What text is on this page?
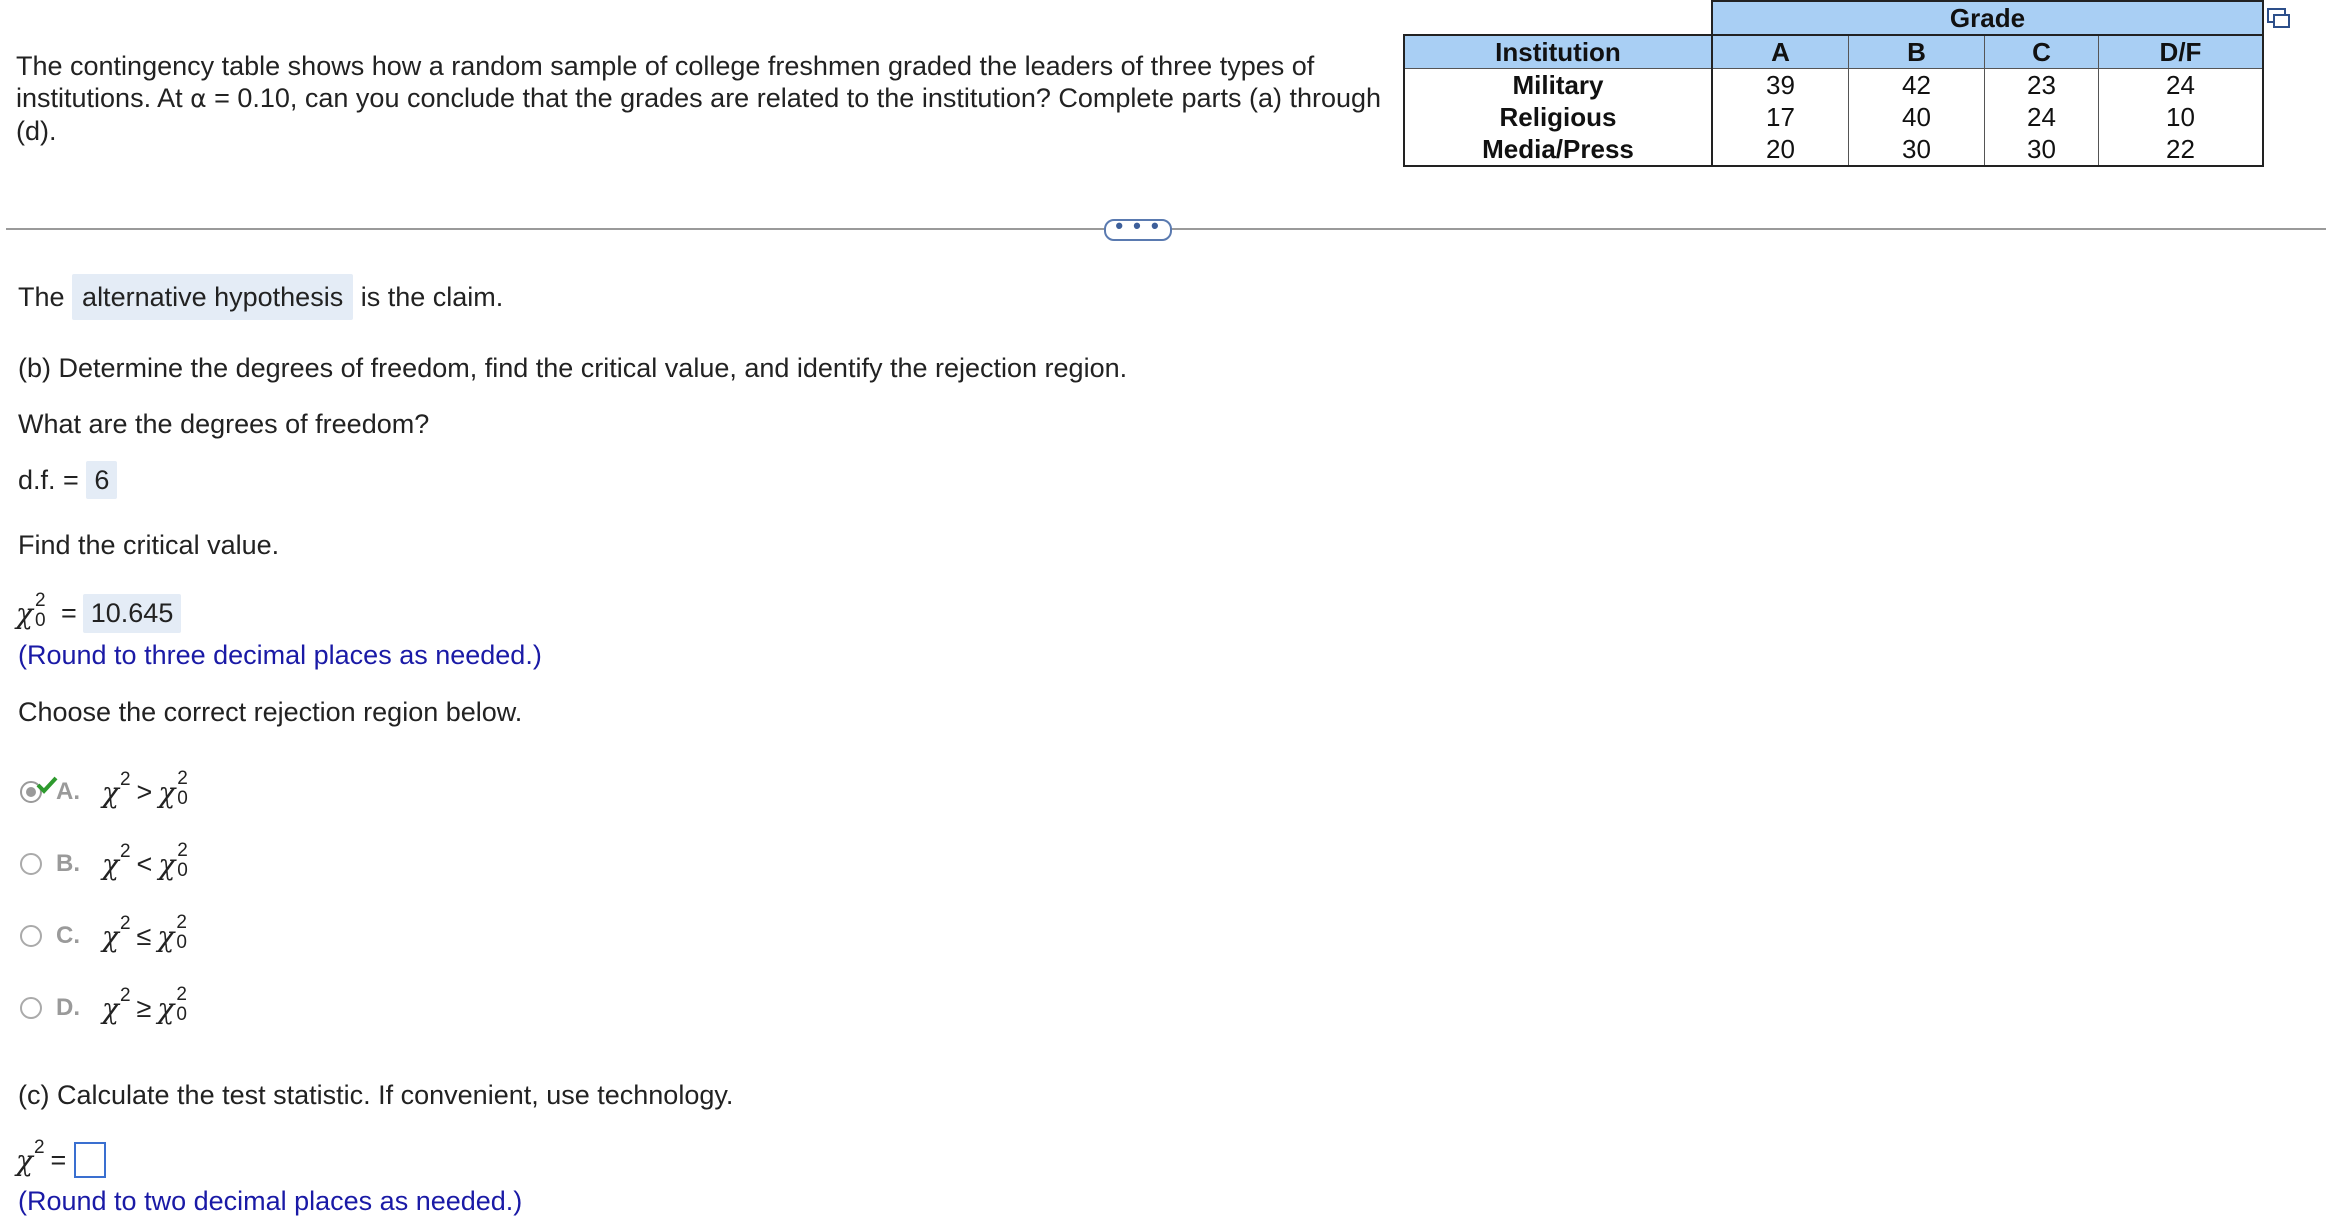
The contingency table shows how a random sample of college freshmen graded the leaders of three types of
institutions. At α = 0.10, can you conclude that the grades are related to the institution? Complete parts (a) through (d).
	Grade			
Institution	A	B	C	D/F
Military	39	42	23	24
Religious	17	40	24	10
Media/Press	20	30	30	22
• • •
The alternative hypothesis is the claim.
(b) Determine the degrees of freedom, find the critical value, and identify the rejection region.
What are the degrees of freedom?
d.f. = 6
Find the critical value.
χ 2
0 = 10.645
(Round to three decimal places as needed.)
Choose the correct rejection region below.
A. χ 2 > χ 2
0
B. χ 2 < χ 2
0
C. χ 2 ≤ χ 2
0
D. χ 2 ≥ χ 2
0
(c) Calculate the test statistic. If convenient, use technology.
χ 2 =
(Round to two decimal places as needed.)
